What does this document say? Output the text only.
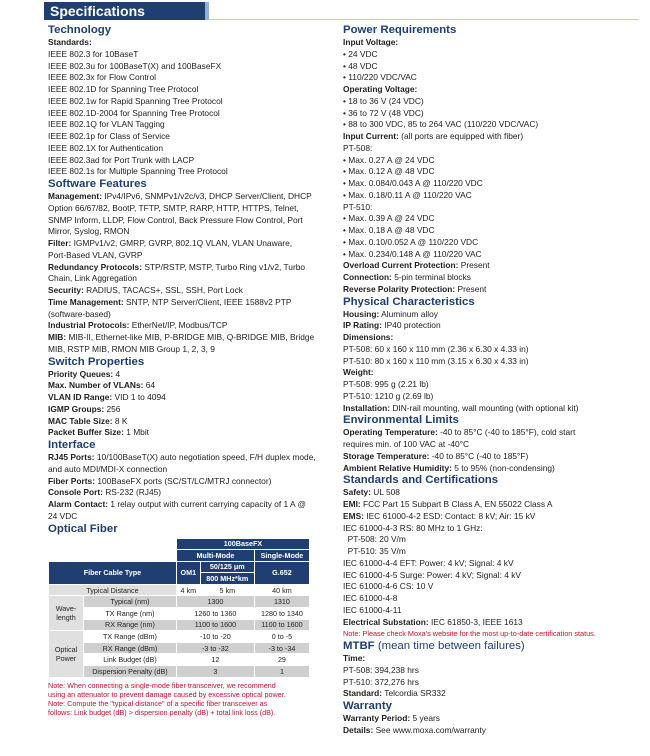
Specifications
Technology
Standards:
IEEE 802.3 for 10BaseT
IEEE 802.3u for 100BaseT(X) and 100BaseFX
IEEE 802.3x for Flow Control
IEEE 802.1D for Spanning Tree Protocol
IEEE 802.1w for Rapid Spanning Tree Protocol
IEEE 802.1D-2004 for Spanning Tree Protocol
IEEE 802.1Q for VLAN Tagging
IEEE 802.1p for Class of Service
IEEE 802.1X for Authentication
IEEE 802.3ad for Port Trunk with LACP
IEEE 802.1s for Multiple Spanning Tree Protocol
Software Features
Management: IPv4/IPv6, SNMPv1/v2c/v3, DHCP Server/Client, DHCP
Option 66/67/82, BootP, TFTP, SMTP, RARP, HTTP, HTTPS, Telnet,
SNMP Inform, LLDP, Flow Control, Back Pressure Flow Control, Port
Mirror, Syslog, RMON
Filter: IGMPv1/v2, GMRP, GVRP, 802.1Q VLAN, VLAN Unaware,
Port-Based VLAN, GVRP
Redundancy Protocols: STP/RSTP, MSTP, Turbo Ring v1/v2, Turbo
Chain, Link Aggregation
Security: RADIUS, TACACS+, SSL, SSH, Port Lock
Time Management: SNTP, NTP Server/Client, IEEE 1588v2 PTP
(software-based)
Industrial Protocols: EtherNet/IP, Modbus/TCP
MIB: MIB-II, Ethernet-like MIB, P-BRIDGE MIB, Q-BRIDGE MIB, Bridge
MIB, RSTP MIB, RMON MIB Group 1, 2, 3, 9
Switch Properties
Priority Queues: 4
Max. Number of VLANs: 64
VLAN ID Range: VID 1 to 4094
IGMP Groups: 256
MAC Table Size: 8 K
Packet Buffer Size: 1 Mbit
Interface
RJ45 Ports: 10/100BaseT(X) auto negotiation speed, F/H duplex mode,
and auto MDI/MDI-X connection
Fiber Ports: 100BaseFX ports (SC/ST/LC/MTRJ connector)
Console Port: RS-232 (RJ45)
Alarm Contact: 1 relay output with current carrying capacity of 1 A @
24 VDC
Optical Fiber
		100BaseFX		
		Multi-Mode		Single-Mode
Fiber Cable Type		OM1	50/125 μm	G.652
			800 MHz*km	
Typical Distance		4 km	5 km	40 km
Wave-
length	Typical (nm)	1300		1310
	TX Range (nm)	1260 to 1360		1280 to 1340
	RX Range (nm)	1100 to 1600		1100 to 1600
Optical
Power	TX Range (dBm)	-10 to -20		0 to -5
	RX Range (dBm)	-3 to -32		-3 to -34
	Link Budget (dB)	12		29
	Dispersion Penalty (dB)	3		1
Note: When connecting a single-mode fiber transceiver, we recommend
using an attenuator to prevent damage caused by excessive optical power.
Note: Compute the "typical distance" of a specific fiber transceiver as
follows: Link budget (dB) > dispersion penalty (dB) + total link loss (dB).
Power Requirements
Input Voltage:
• 24 VDC
• 48 VDC
• 110/220 VDC/VAC
Operating Voltage:
• 18 to 36 V (24 VDC)
• 36 to 72 V (48 VDC)
• 88 to 300 VDC, 85 to 264 VAC (110/220 VDC/VAC)
Input Current: (all ports are equipped with fiber)
PT-508:
• Max. 0.27 A @ 24 VDC
• Max. 0.12 A @ 48 VDC
• Max. 0.084/0.043 A @ 110/220 VDC
• Max. 0.18/0.11 A @ 110/220 VAC
PT-510:
• Max. 0.39 A @ 24 VDC
• Max. 0.18 A @ 48 VDC
• Max. 0.10/0.052 A @ 110/220 VDC
• Max. 0.234/0.148 A @ 110/220 VAC
Overload Current Protection: Present
Connection: 5-pin terminal blocks
Reverse Polarity Protection: Present
Physical Characteristics
Housing: Aluminum alloy
IP Rating: IP40 protection
Dimensions:
PT-508: 60 x 160 x 110 mm (2.36 x 6.30 x 4.33 in)
PT-510: 80 x 160 x 110 mm (3.15 x 6.30 x 4.33 in)
Weight:
PT-508: 995 g (2.21 lb)
PT-510: 1210 g (2.69 lb)
Installation: DIN-rail mounting, wall mounting (with optional kit)
Environmental Limits
Operating Temperature: -40 to 85°C (-40 to 185°F), cold start
requires min. of 100 VAC at -40°C
Storage Temperature: -40 to 85°C (-40 to 185°F)
Ambient Relative Humidity: 5 to 95% (non-condensing)
Standards and Certifications
Safety: UL 508
EMI: FCC Part 15 Subpart B Class A, EN 55022 Class A
EMS: IEC 61000-4-2 ESD: Contact: 8 kV; Air: 15 kV
IEC 61000-4-3 RS: 80 MHz to 1 GHz:
PT-508: 20 V/m
PT-510: 35 V/m
IEC 61000-4-4 EFT: Power: 4 kV; Signal: 4 kV
IEC 61000-4-5 Surge: Power: 4 kV; Signal: 4 kV
IEC 61000-4-6 CS: 10 V
IEC 61000-4-8
IEC 61000-4-11
Electrical Substation: IEC 61850-3, IEEE 1613
Note: Please check Moxa's website for the most up-to-date certification status.
MTBF (mean time between failures)
Time:
PT-508: 394,238 hrs
PT-510: 372,276 hrs
Standard: Telcordia SR332
Warranty
Warranty Period: 5 years
Details: See www.moxa.com/warranty
